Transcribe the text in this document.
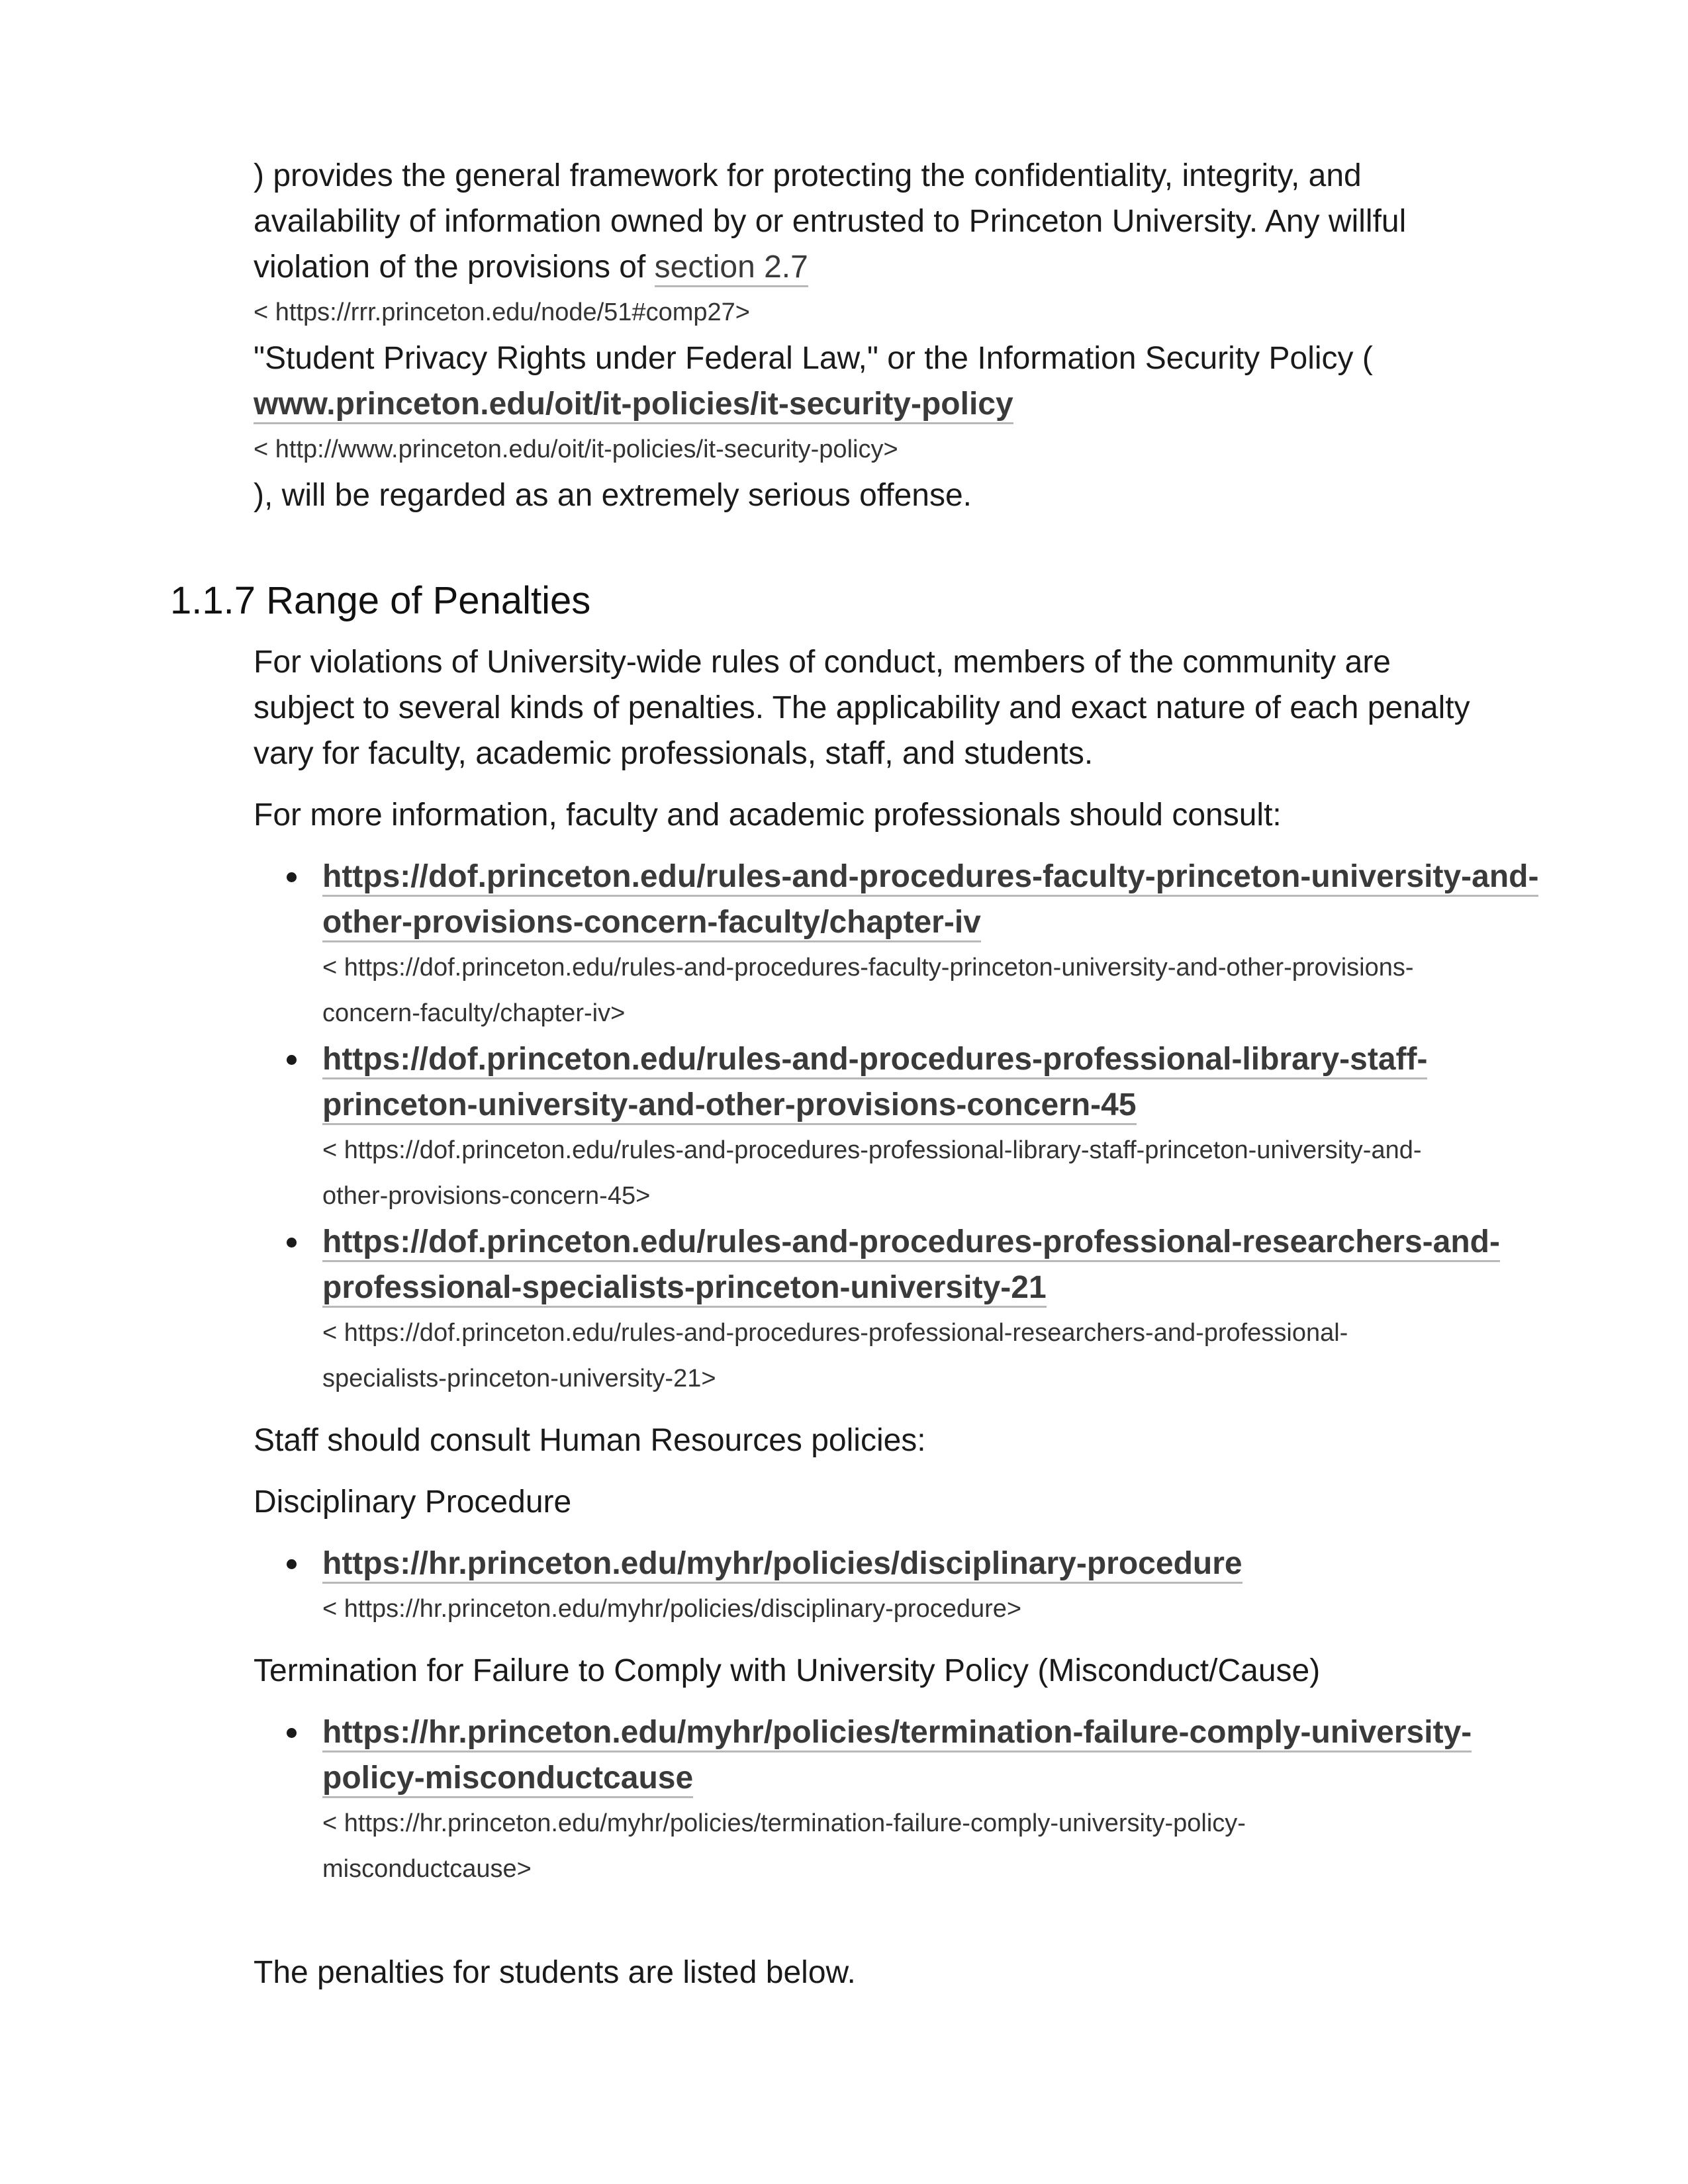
) provides the general framework for protecting the confidentiality, integrity, and

availability of information owned by or entrusted to Princeton University. Any willful

violation of the provisions of section 2.7

< https://rrr.princeton.edu/node/51#comp27>

"Student Privacy Rights under Federal Law," or the Information Security Policy (

www.princeton.edu/oit/it-policies/it-security-policy

< http://www.princeton.edu/oit/it-policies/it-security-policy>

), will be regarded as an extremely serious offense.

1.1.7 Range of Penalties

For violations of University-wide rules of conduct, members of the community are

subject to several kinds of penalties. The applicability and exact nature of each penalty

vary for faculty, academic professionals, staff, and students.

For more information, faculty and academic professionals should consult:

https://dof.princeton.edu/rules-and-procedures-faculty-princeton-university-and-

other-provisions-concern-faculty/chapter-iv

< https://dof.princeton.edu/rules-and-procedures-faculty-princeton-university-and-other-provisions-

concern-faculty/chapter-iv>

https://dof.princeton.edu/rules-and-procedures-professional-library-staff-

princeton-university-and-other-provisions-concern-45

< https://dof.princeton.edu/rules-and-procedures-professional-library-staff-princeton-university-and-

other-provisions-concern-45>

https://dof.princeton.edu/rules-and-procedures-professional-researchers-and-

professional-specialists-princeton-university-21

< https://dof.princeton.edu/rules-and-procedures-professional-researchers-and-professional-

specialists-princeton-university-21>

Staff should consult Human Resources policies:

Disciplinary Procedure

https://hr.princeton.edu/myhr/policies/disciplinary-procedure

< https://hr.princeton.edu/myhr/policies/disciplinary-procedure>

Termination for Failure to Comply with University Policy (Misconduct/Cause)

https://hr.princeton.edu/myhr/policies/termination-failure-comply-university-

policy-misconductcause

< https://hr.princeton.edu/myhr/policies/termination-failure-comply-university-policy-

misconductcause>

The penalties for students are listed below.
